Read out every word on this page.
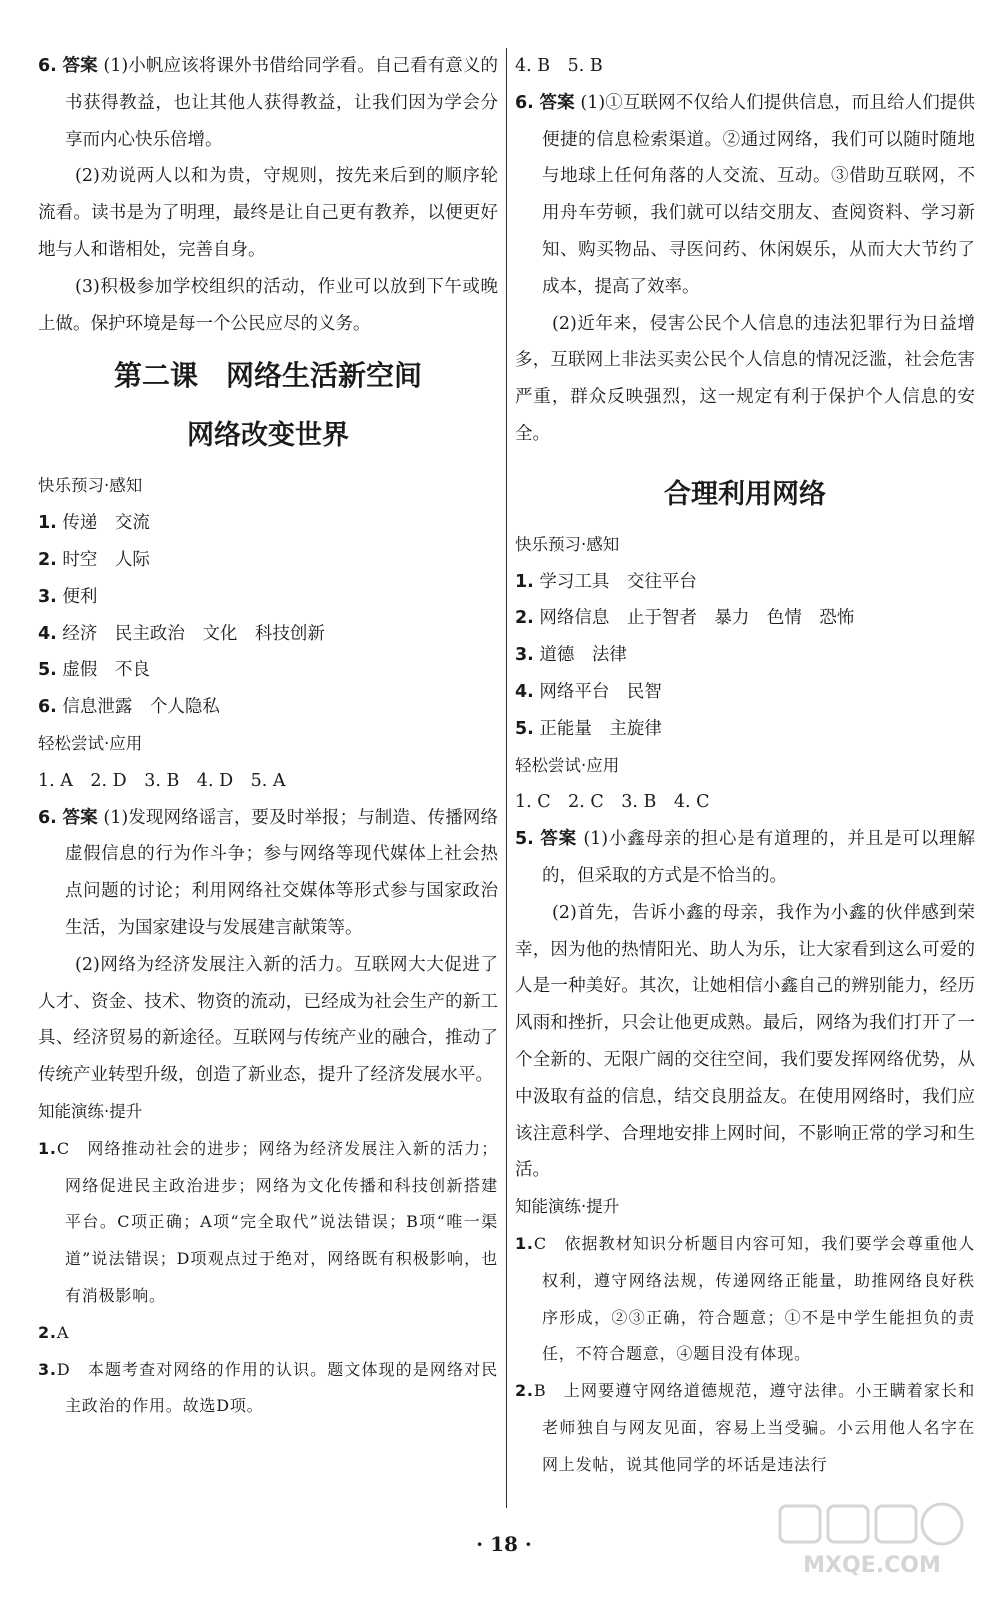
6. 答案 (1)小帆应该将课外书借给同学看。自己看有意义的书获得教益，也让其他人获得教益，让我们因为学会分享而内心快乐倍增。

(2)劝说两人以和为贵，守规则，按先来后到的顺序轮流看。读书是为了明理，最终是让自己更有教养，以便更好地与人和谐相处，完善自身。

(3)积极参加学校组织的活动，作业可以放到下午或晚上做。保护环境是每一个公民应尽的义务。

第二课　网络生活新空间
网络改变世界

快乐预习·感知

1. 传递　交流

2. 时空　人际

3. 便利

4. 经济　民主政治　文化　科技创新

5. 虚假　不良

6. 信息泄露　个人隐私

轻松尝试·应用

1. A　2. D　3. B　4. D　5. A

6. 答案 (1)发现网络谣言，要及时举报；与制造、传播网络虚假信息的行为作斗争；参与网络等现代媒体上社会热点问题的讨论；利用网络社交媒体等形式参与国家政治生活，为国家建设与发展建言献策等。

(2)网络为经济发展注入新的活力。互联网大大促进了人才、资金、技术、物资的流动，已经成为社会生产的新工具、经济贸易的新途径。互联网与传统产业的融合，推动了传统产业转型升级，创造了新业态，提升了经济发展水平。

知能演练·提升

1.C　 网络推动社会的进步；网络为经济发展注入新的活力；网络促进民主政治进步；网络为文化传播和科技创新搭建平台。C项正确；A项“完全取代”说法错误；B项“唯一渠道”说法错误；D项观点过于绝对，网络既有积极影响，也有消极影响。

2.A

3.D　 本题考查对网络的作用的认识。题文体现的是网络对民主政治的作用。故选D项。

4. B　5. B

6. 答案 (1)①互联网不仅给人们提供信息，而且给人们提供便捷的信息检索渠道。②通过网络，我们可以随时随地与地球上任何角落的人交流、互动。③借助互联网，不用舟车劳顿，我们就可以结交朋友、查阅资料、学习新知、购买物品、寻医问药、休闲娱乐，从而大大节约了成本，提高了效率。

(2)近年来，侵害公民个人信息的违法犯罪行为日益增多，互联网上非法买卖公民个人信息的情况泛滥，社会危害严重，群众反映强烈，这一规定有利于保护个人信息的安全。

合理利用网络

快乐预习·感知

1. 学习工具　交往平台

2. 网络信息　止于智者　暴力　色情　恐怖

3. 道德　法律

4. 网络平台　民智

5. 正能量　主旋律

轻松尝试·应用

1. C　2. C　3. B　4. C

5. 答案 (1)小鑫母亲的担心是有道理的，并且是可以理解的，但采取的方式是不恰当的。

(2)首先，告诉小鑫的母亲，我作为小鑫的伙伴感到荣幸，因为他的热情阳光、助人为乐，让大家看到这么可爱的人是一种美好。其次，让她相信小鑫自己的辨别能力，经历风雨和挫折，只会让他更成熟。最后，网络为我们打开了一个全新的、无限广阔的交往空间，我们要发挥网络优势，从中汲取有益的信息，结交良朋益友。在使用网络时，我们应该注意科学、合理地安排上网时间，不影响正常的学习和生活。

知能演练·提升

1.C　 依据教材知识分析题目内容可知，我们要学会尊重他人权利，遵守网络法规，传递网络正能量，助推网络良好秩序形成，②③正确，符合题意；①不是中学生能担负的责任，不符合题意，④题目没有体现。

2.B　 上网要遵守网络道德规范，遵守法律。小王瞒着家长和老师独自与网友见面，容易上当受骗。小云用他人名字在网上发帖，说其他同学的坏话是违法行

· 18 ·
MXQE.COM
